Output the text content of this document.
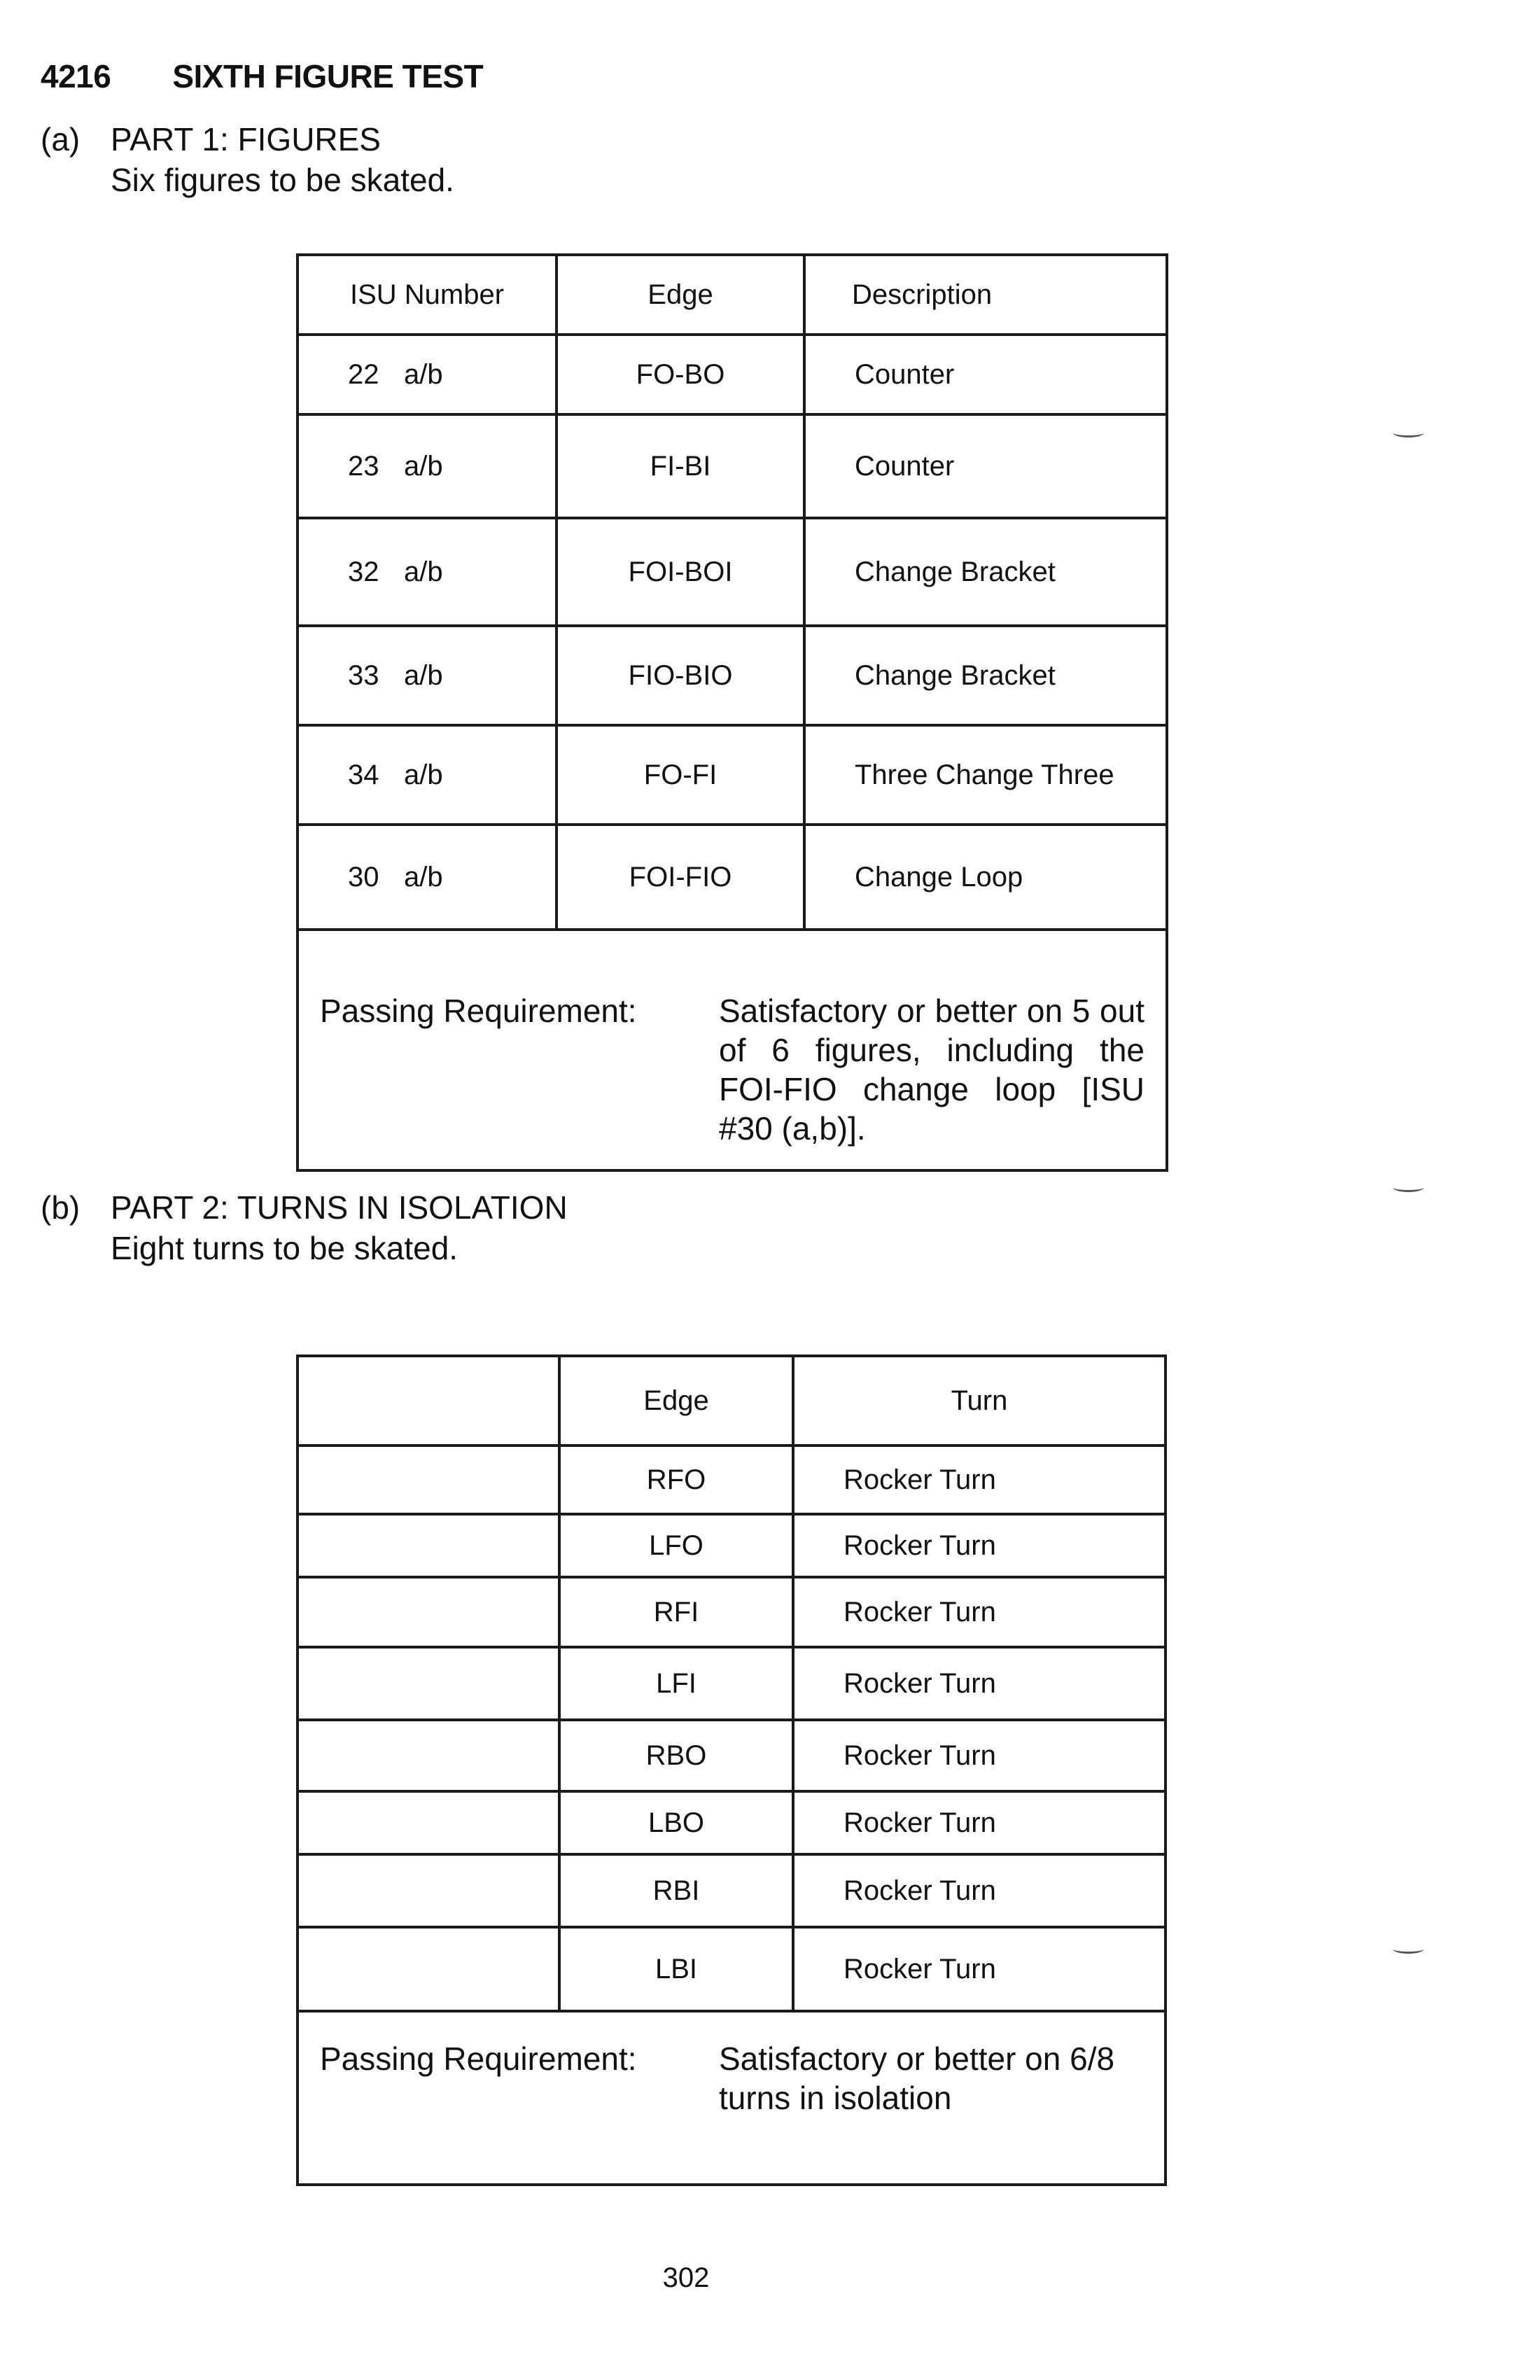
4216 SIXTH FIGURE TEST
(a) PART 1: FIGURES
Six figures to be skated.
ISU Number	Edge	Description
22 a/b	FO-BO	Counter
23 a/b	FI-BI	Counter
32 a/b	FOI-BOI	Change Bracket
33 a/b	FIO-BIO	Change Bracket
34 a/b	FO-FI	Three Change Three
30 a/b	FOI-FIO	Change Loop

Passing Requirement: Satisfactory or better on 5 out of 6 figures, including the FOI-FIO change loop [ISU #30 (a,b)].		
(b) PART 2: TURNS IN ISOLATION
Eight turns to be skated.
	Edge	Turn
	RFO	Rocker Turn
	LFO	Rocker Turn
	RFI	Rocker Turn
	LFI	Rocker Turn
	RBO	Rocker Turn
	LBO	Rocker Turn
	RBI	Rocker Turn
	LBI	Rocker Turn

Passing Requirement: Satisfactory or better on 6/8 turns in isolation		
302
